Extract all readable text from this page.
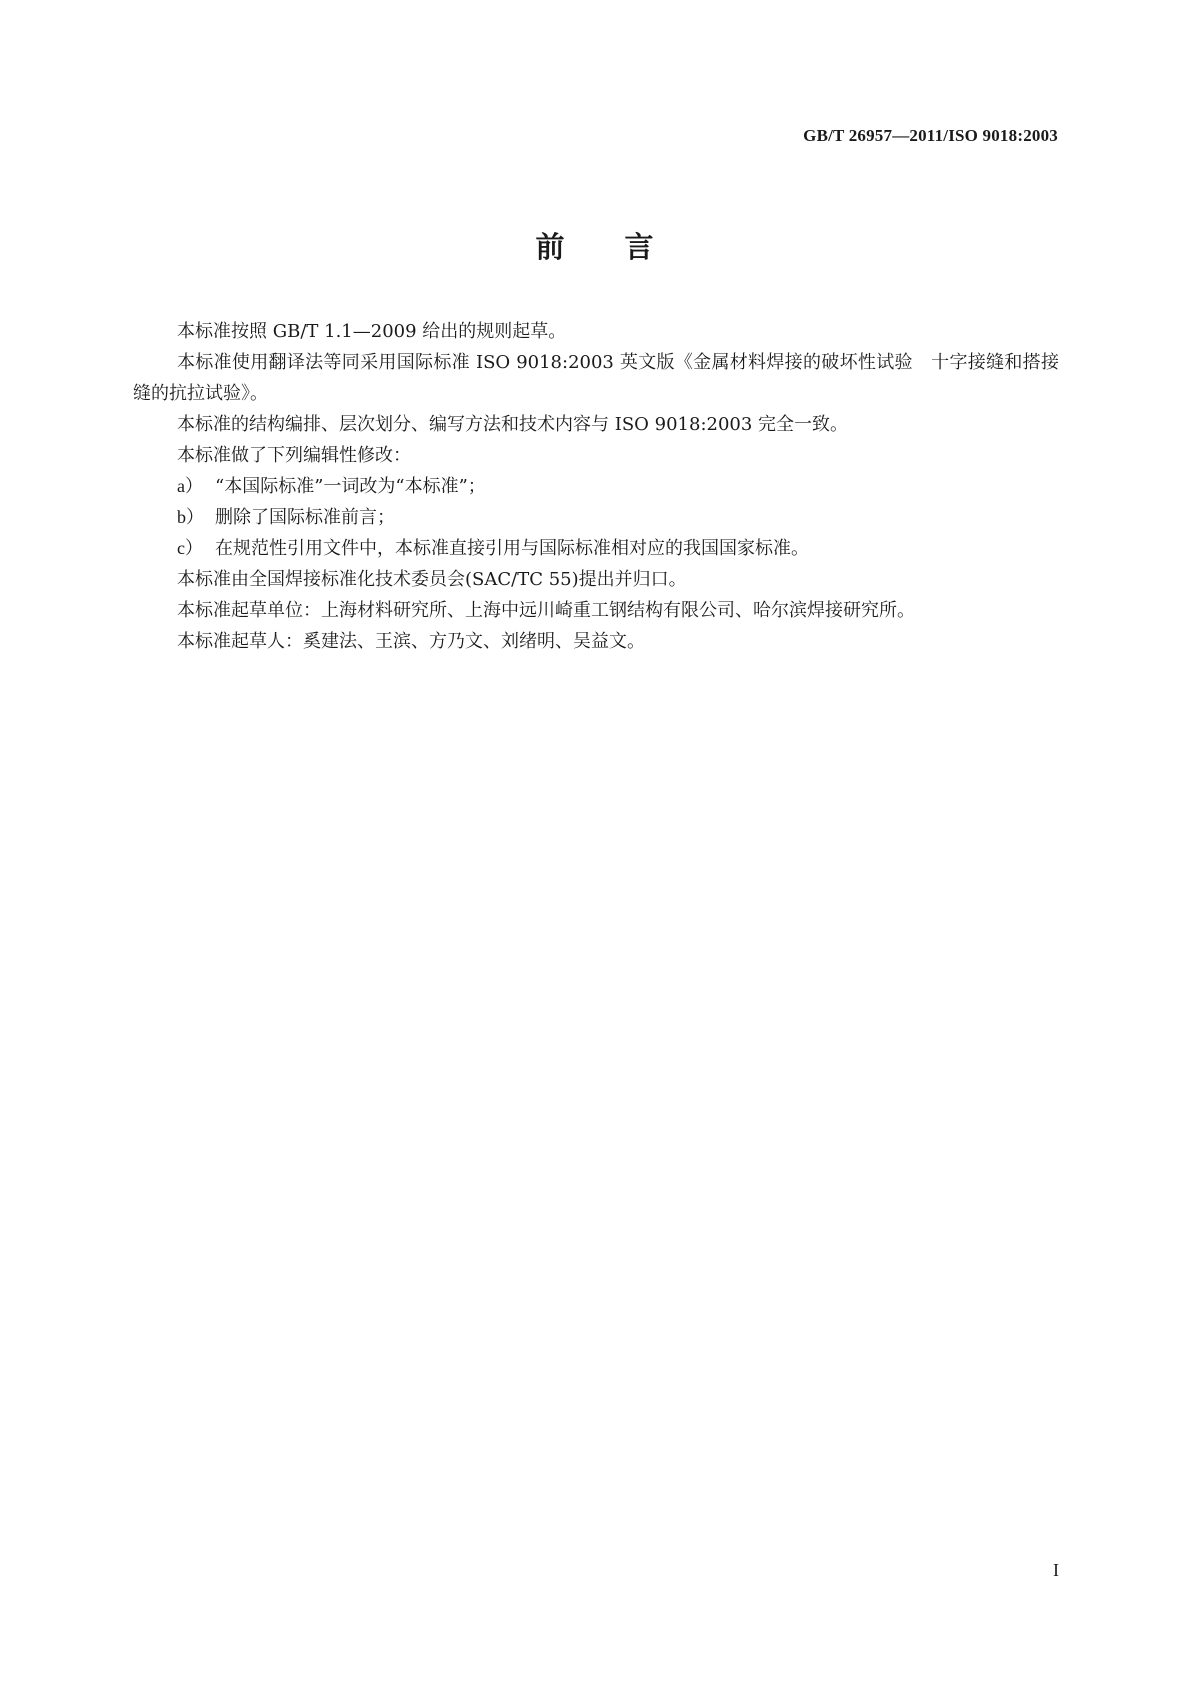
GB/T 26957—2011/ISO 9018:2003
前 言

本标准按照 GB/T 1.1—2009 给出的规则起草。

本标准使用翻译法等同采用国际标准 ISO 9018:2003 英文版《金属材料焊接的破坏性试验　十字接缝和搭接缝的抗拉试验》。

本标准的结构编排、层次划分、编写方法和技术内容与 ISO 9018:2003 完全一致。

本标准做了下列编辑性修改：

a） “本国际标准”一词改为“本标准”；

b） 删除了国际标准前言；

c） 在规范性引用文件中，本标准直接引用与国际标准相对应的我国国家标准。

本标准由全国焊接标准化技术委员会(SAC/TC 55)提出并归口。

本标准起草单位：上海材料研究所、上海中远川崎重工钢结构有限公司、哈尔滨焊接研究所。

本标准起草人：奚建法、王滨、方乃文、刘绪明、吴益文。

I
